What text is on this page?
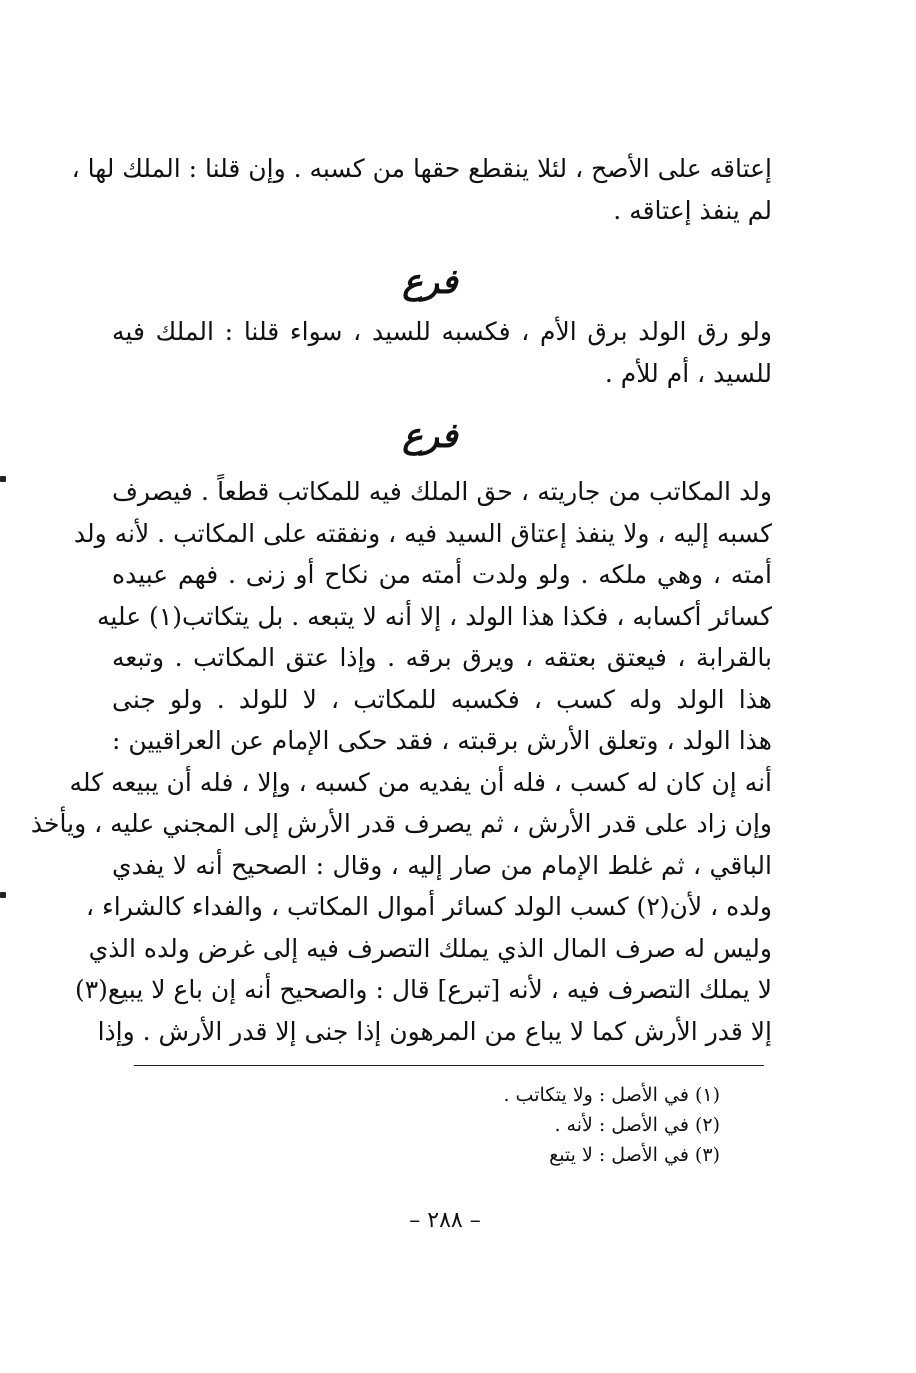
إعتاقه على الأصح ، لئلا ينقطع حقها من كسبه . وإن قلنا : الملك لها ،
لم ينفذ إعتاقه .
فرع
ولو رق الولد برق الأم ، فكسبه للسيد ، سواء قلنا : الملك فيه
للسيد ، أم للأم .
فرع
ولد المكاتب من جاريته ، حق الملك فيه للمكاتب قطعاً . فيصرف
كسبه إليه ، ولا ينفذ إعتاق السيد فيه ، ونفقته على المكاتب . لأنه ولد
أمته ، وهي ملكه . ولو ولدت أمته من نكاح أو زنى . فهم عبيده
كسائر أكسابه ، فكذا هذا الولد ، إلا أنه لا يتبعه . بل يتكاتب(١) عليه
بالقرابة ، فيعتق بعتقه ، ويرق برقه . وإذا عتق المكاتب . وتبعه
هذا الولد وله كسب ، فكسبه للمكاتب ، لا للولد . ولو جنى
هذا الولد ، وتعلق الأرش برقبته ، فقد حكى الإمام عن العراقيين :
أنه إن كان له كسب ، فله أن يفديه من كسبه ، وإلا ، فله أن يبيعه كله
وإن زاد على قدر الأرش ، ثم يصرف قدر الأرش إلى المجني عليه ، ويأخذ
الباقي ، ثم غلط الإمام من صار إليه ، وقال : الصحيح أنه لا يفدي
ولده ، لأن(٢) كسب الولد كسائر أموال المكاتب ، والفداء كالشراء ،
وليس له صرف المال الذي يملك التصرف فيه إلى غرض ولده الذي
لا يملك التصرف فيه ، لأنه [تبرع] قال : والصحيح أنه إن باع لا يبيع(٣)
إلا قدر الأرش كما لا يباع من المرهون إذا جنى إلا قدر الأرش . وإذا
(١) في الأصل : ولا يتكاتب .
(٢) في الأصل : لأنه .
(٣) في الأصل : لا يتبع
– ٢٨٨ –
